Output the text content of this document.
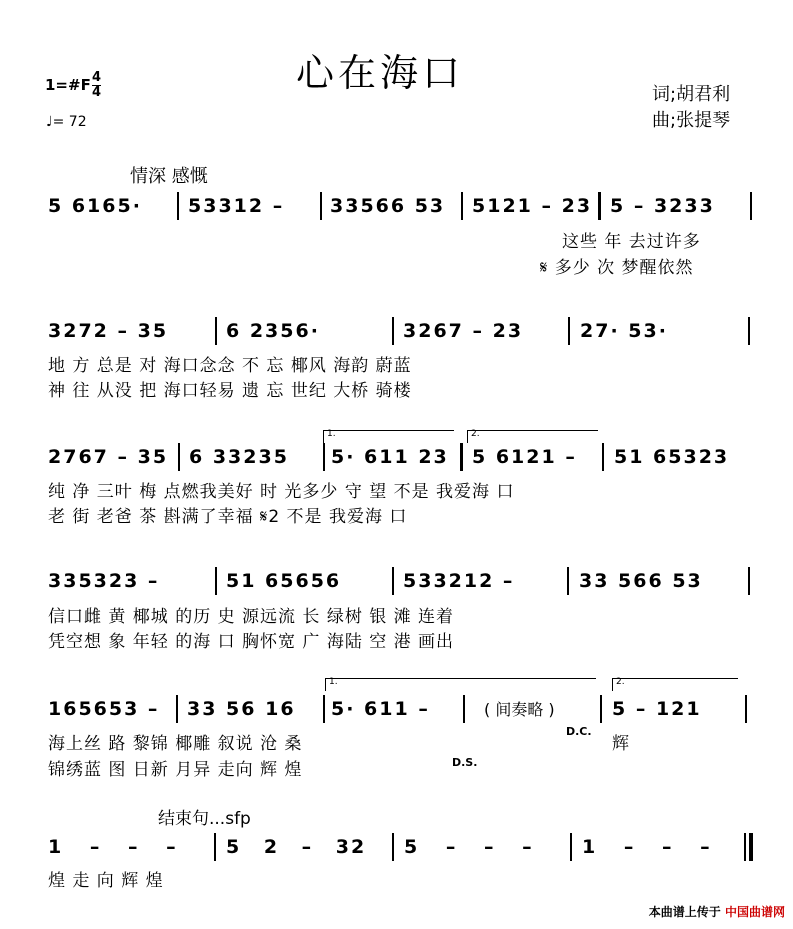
心在海口
1=#F 4
4
♩= 72
词;胡君利
曲;张提琴
情深 感慨
5 6165· 53312 – 33566 53 5121 – 23 5 – 3233
这些 年 去过许多
𝄋 多少 次 梦醒依然
3272 – 35	6 2356·	3267 – 23	27· 53·
地 方 总是 对 海口念念 不 忘 椰风 海韵 蔚蓝
神 往 从没 把 海口轻易 遗 忘 世纪 大桥 骑楼
1.	2.
2767 – 35 6 33235 5· 611 23 5 6121 – 51 65323
纯 净 三叶 梅 点燃我美好 时 光多少 守 望 不是 我爱海 口
老 街 老爸 茶 斟满了幸福 𝄋2 不是 我爱海 口
335323 –	51 65656	533212 –	33 566 53
信口雌 黄 椰城 的历 史 源远流 长 绿树 银 滩 连着
凭空想 象 年轻 的海 口 胸怀宽 广 海陆 空 港 画出
1.	2.
165653 – 33 56 16 5· 611 –	( 间奏略 )	5 – 121
海上丝 路 黎锦 椰雕 叙说 沧 桑
D.C.
辉
锦绣蓝 图 日新 月异 走向 辉 煌	D.S.
结束句...sfp
1 – – –	5 2 – 32 5 – – –	1 – – –
煌 走 向 辉 煌
本曲谱上传于 中国曲谱网
